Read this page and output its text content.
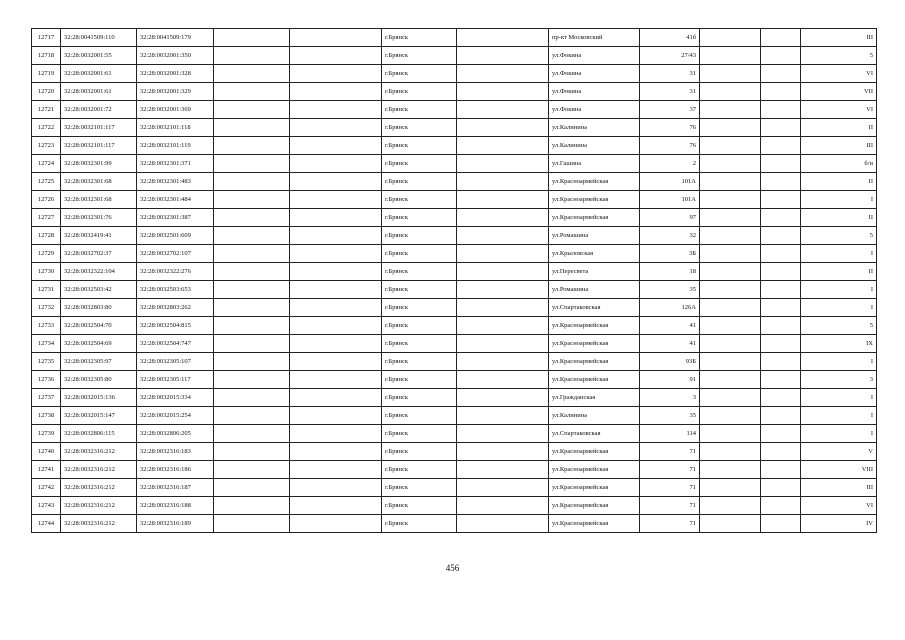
12717	32:28:0041509:110	32:28:0041509:179			г.Брянск		пр-кт Московский	41б			III
12718	32:28:0032001:55	32:28:0032001:350			г.Брянск		ул.Фокина	27/43			5
12719	32:28:0032001:61	32:28:0032001:328			г.Брянск		ул.Фокина	31			VI
12720	32:28:0032001:61	32:28:0032001:329			г.Брянск		ул.Фокина	31			VII
12721	32:28:0032001:72	32:28:0032001:369			г.Брянск		ул.Фокина	37			VI
12722	32:28:0032101:117	32:28:0032101:118			г.Брянск		ул.Калинина	76			II
12723	32:28:0032101:117	32:28:0032101:119			г.Брянск		ул.Калинина	76			III
12724	32:28:0032301:99	32:28:0032301:371			г.Брянск		ул.Гашина	2			б/н
12725	32:28:0032301:68	32:28:0032301:483			г.Брянск		ул.Красноармейская	101А			II
12726	32:28:0032301:68	32:28:0032301:484			г.Брянск		ул.Красноармейская	101А			I
12727	32:28:0032301:76	32:28:0032301:387			г.Брянск		ул.Красноармейская	97			II
12728	32:28:0032419:41	32:28:0032501:609			г.Брянск		ул.Ромашина	32			5
12729	32:28:0032702:37	32:28:0032702:107			г.Брянск		ул.Крыловская	3Б			I
12730	32:28:0032322:104	32:28:0032322:276			г.Брянск		ул.Пересвета	18			II
12731	32:28:0032503:42	32:28:0032503:653			г.Брянск		ул.Ромашина	35			I
12732	32:28:0032803:80	32:28:0032803:262			г.Брянск		ул.Спартаковская	126А			I
12733	32:28:0032504:70	32:28:0032504:815			г.Брянск		ул.Красноармейская	41			5
12734	32:28:0032504:69	32:28:0032504:747			г.Брянск		ул.Красноармейская	41			IX
12735	32:28:0032305:97	32:28:0032305:107			г.Брянск		ул.Красноармейская	93Б			I
12736	32:28:0032305:80	32:28:0032305:117			г.Брянск		ул.Красноармейская	91			3
12737	32:28:0032015:136	32:28:0032015:334			г.Брянск		ул.Гражданская	3			I
12738	32:28:0032015:147	32:28:0032015:254			г.Брянск		ул.Калинина	35			I
12739	32:28:0032806:115	32:28:0032806:205			г.Брянск		ул.Спартаковская	114			I
12740	32:28:0032316:212	32:28:0032316:183			г.Брянск		ул.Красноармейская	71			V
12741	32:28:0032316:212	32:28:0032316:186			г.Брянск		ул.Красноармейская	71			VIII
12742	32:28:0032316:212	32:28:0032316:187			г.Брянск		ул.Красноармейская	71			III
12743	32:28:0032316:212	32:28:0032316:188			г.Брянск		ул.Красноармейская	71			VI
12744	32:28:0032316:212	32:28:0032316:189			г.Брянск		ул.Красноармейская	71			IV
456
